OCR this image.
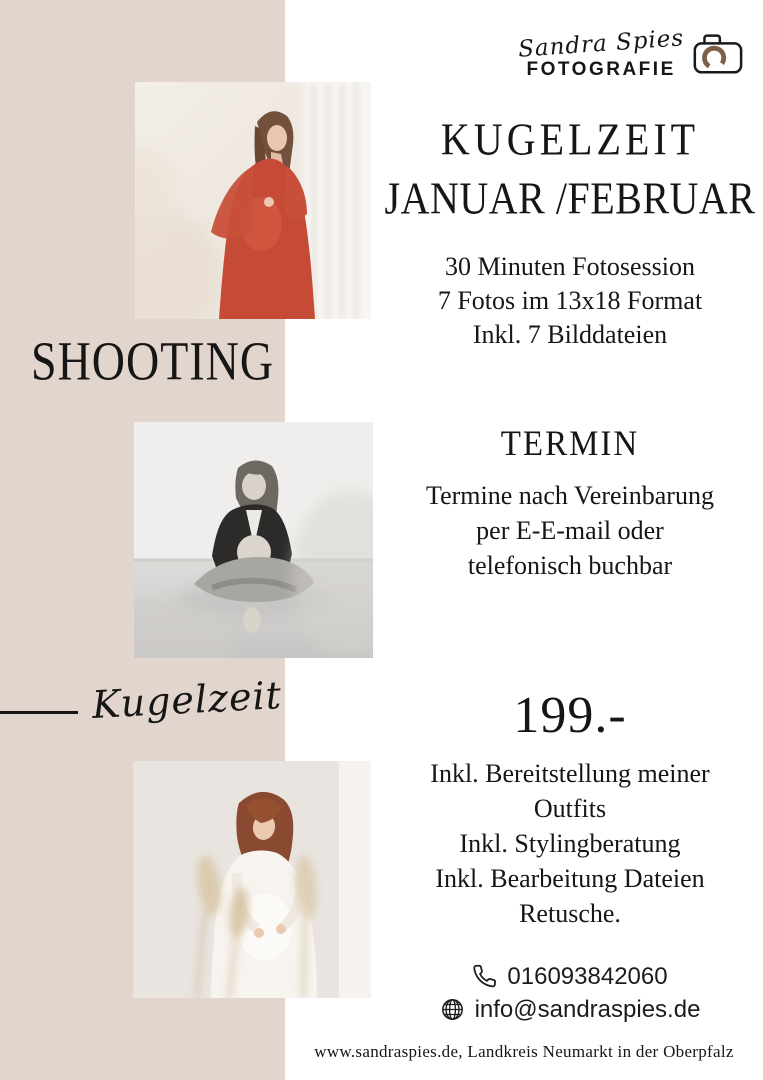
SHOOTING
Kugelzeit
Sandra Spies
FOTOGRAFIE
KUGELZEIT
JANUAR /FEBRUAR
30 Minuten Fotosession
7 Fotos im 13x18 Format
Inkl. 7 Bilddateien
TERMIN
Termine nach Vereinbarung
per E-E-mail oder
telefonisch buchbar
199.-
Inkl. Bereitstellung meiner
Outfits
Inkl. Stylingberatung
Inkl. Bearbeitung Dateien
Retusche.
016093842060
info@sandraspies.de
www.sandraspies.de, Landkreis Neumarkt in der Oberpfalz
